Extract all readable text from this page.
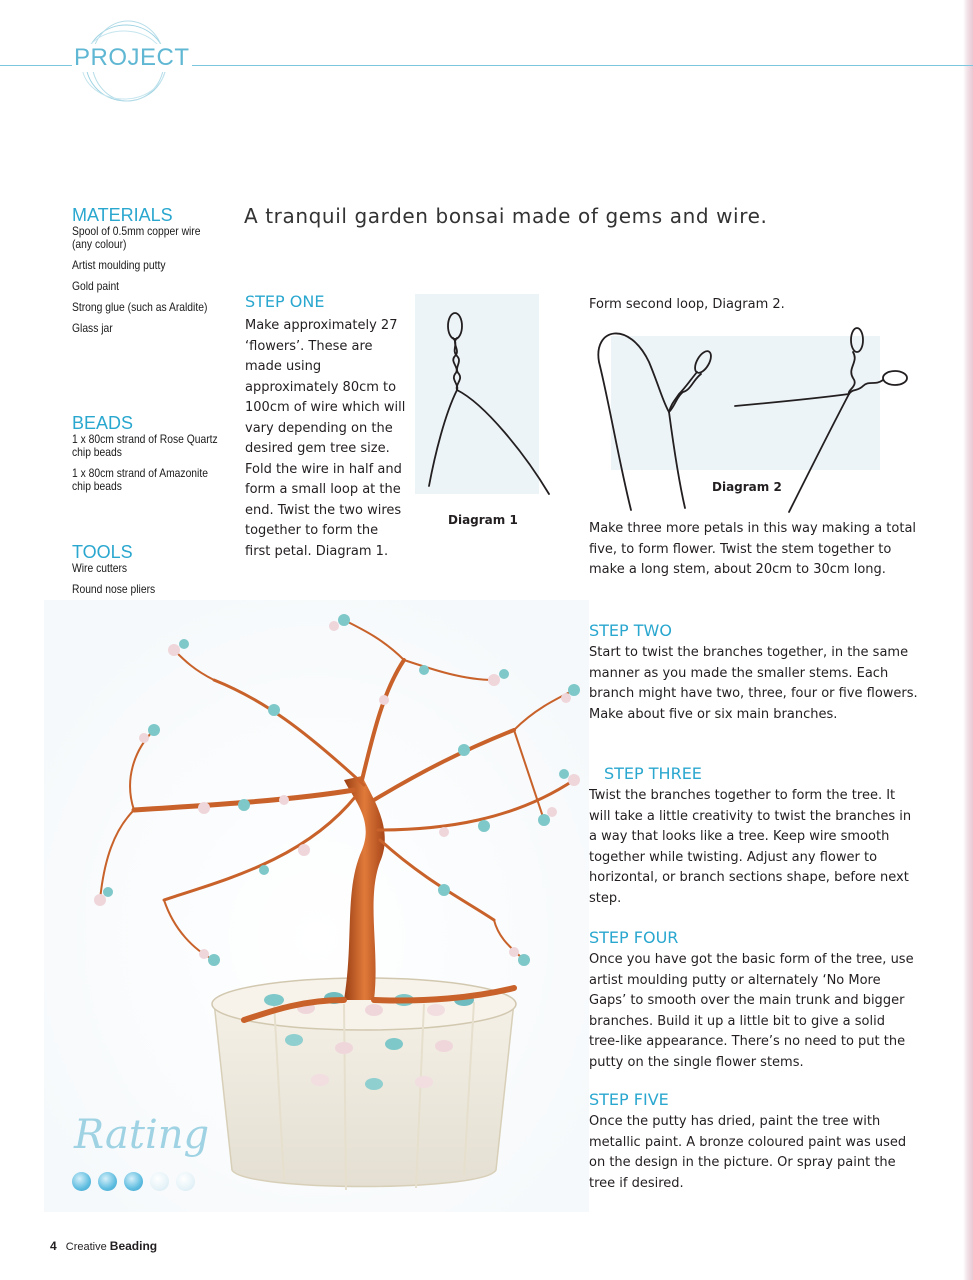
PROJECT
MATERIALS

Spool of 0.5mm copper wire (any colour)

Artist moulding putty

Gold paint

Strong glue (such as Araldite)

Glass jar

BEADS

1 x 80cm strand of Rose Quartz chip beads

1 x 80cm strand of Amazonite chip beads

TOOLS

Wire cutters

Round nose pliers

A tranquil garden bonsai made of gems and wire.
STEP ONE
Make approximately 27 ‘flowers’. These are made using approximately 80cm to 100cm of wire which will vary depending on the desired gem tree size. Fold the wire in half and form a small loop at the end. Twist the two wires together to form the first petal. Diagram 1.
Diagram 1
Form second loop, Diagram 2.
Diagram 2
Make three more petals in this way making a total five, to form flower. Twist the stem together to make a long stem, about 20cm to 30cm long.
STEP TWO
Start to twist the branches together, in the same manner as you made the smaller stems. Each branch might have two, three, four or five flowers. Make about five or six main branches.
STEP THREE
Twist the branches together to form the tree. It will take a little creativity to twist the branches in a way that looks like a tree. Keep wire smooth together while twisting. Adjust any flower to horizontal, or branch sections shape, before next step.
STEP FOUR
Once you have got the basic form of the tree, use artist moulding putty or alternately ‘No More Gaps’ to smooth over the main trunk and bigger branches. Build it up a little bit to give a solid tree-like appearance. There’s no need to put the putty on the single flower stems.
STEP FIVE
Once the putty has dried, paint the tree with metallic paint. A bronze coloured paint was used on the design in the picture. Or spray paint the tree if desired.
Rating
4 Creative Beading
